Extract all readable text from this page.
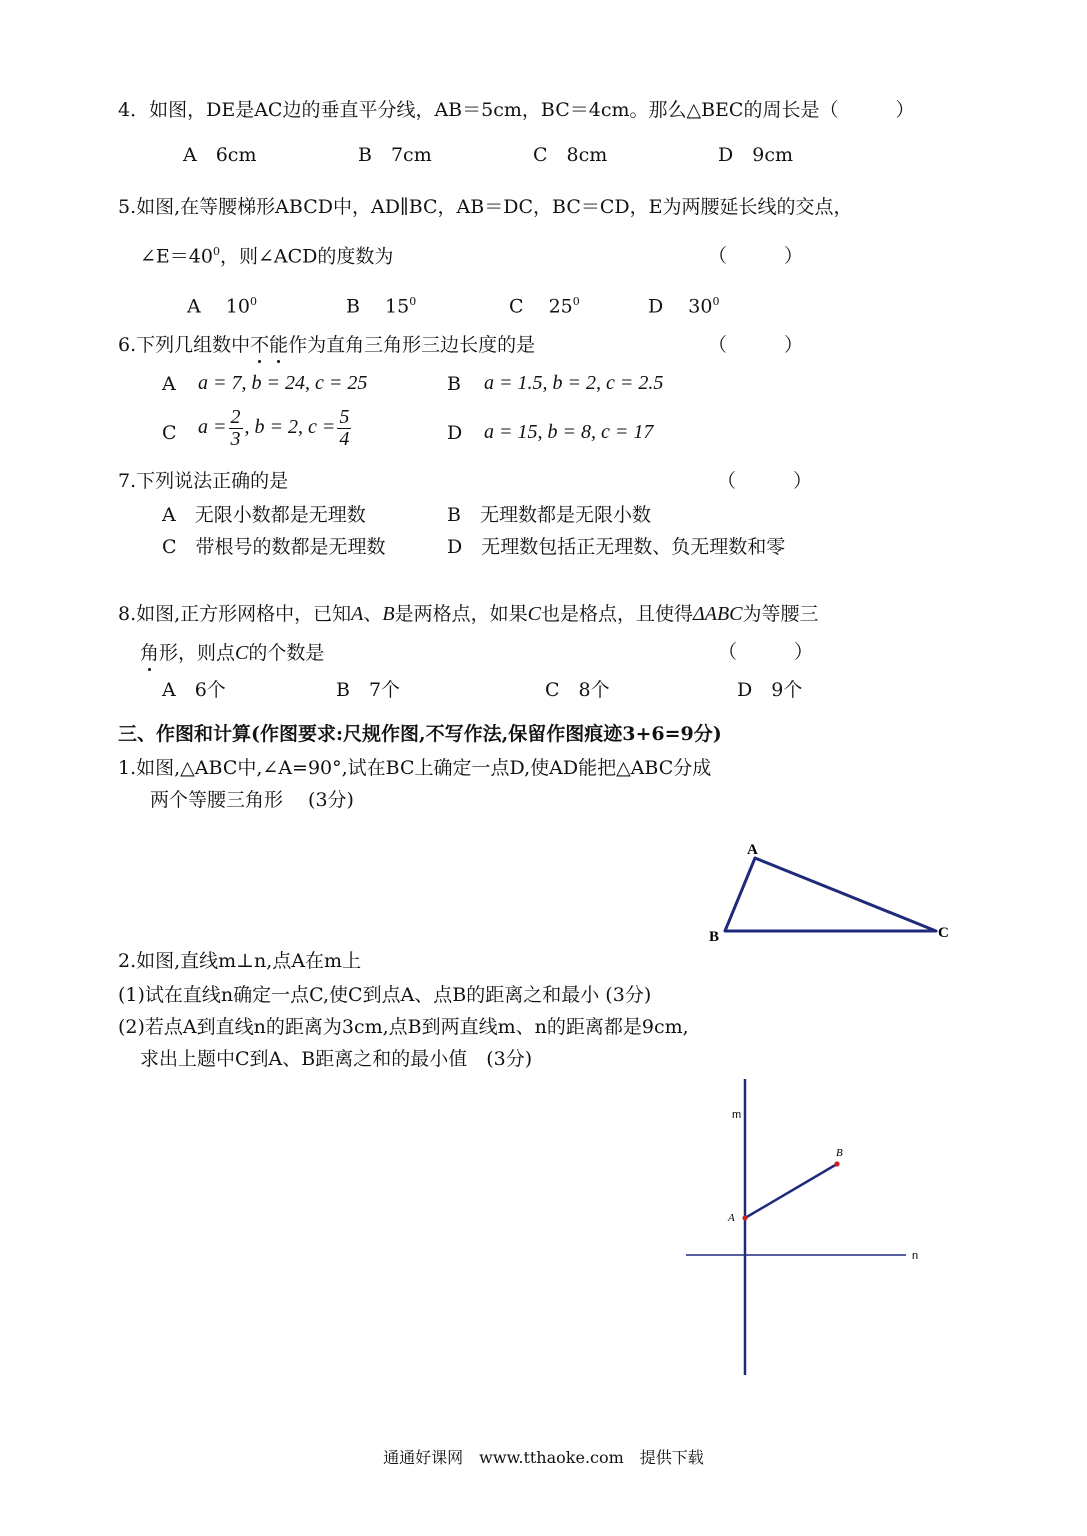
4．如图，DE是AC边的垂直平分线，AB＝5cm，BC＝4cm。那么△BEC的周长是（　　　）
A　6cm	B　7cm	C　8cm	D　9cm
5.如图,在等腰梯形ABCD中，AD∥BC，AB＝DC，BC＝CD，E为两腰延长线的交点，
$\angle E=40^0$，则∠ACD的度数为	（　　　）
A　 $10^0$	B　 $15^0$	C　 $25^0$	D　 $30^0$
6.下列几组数中不能作为直角三角形三边长度的是	（　　　）
A a = 7, b = 24, c = 25	B a = 1.5, b = 2, c = 2.5
C $a = \frac{2}{3}$ , b = 2, $c = \frac{5}{4}$	D a = 15, b = 8, c = 17
7.下列说法正确的是	（　　　）
A　无限小数都是无理数	B　无理数都是无限小数
C　带根号的数都是无理数	D　无理数包括正无理数、负无理数和零
8.如图,正方形网格中，已知A、B是两格点，如果C也是格点，且使得ΔABC为等腰三
角形，则点C的个数是	（　　　）
A　6个	B　7个	C　8个	D　9个
三、作图和计算(作图要求:尺规作图,不写作法,保留作图痕迹3+6=9分)
1.如图,△ABC中,∠A=90°,试在BC上确定一点D,使AD能把△ABC分成
两个等腰三角形　 (3分)
A
B	C
2.如图,直线m⊥n,点A在m上
(1)试在直线n确定一点C,使C到点A、点B的距离之和最小 (3分)
(2)若点A到直线n的距离为3cm,点B到两直线m、n的距离都是9cm,
求出上题中C到A、B距离之和的最小值　(3分)
m
n
A
B
通通好课网　www.tthaoke.com　提供下载
